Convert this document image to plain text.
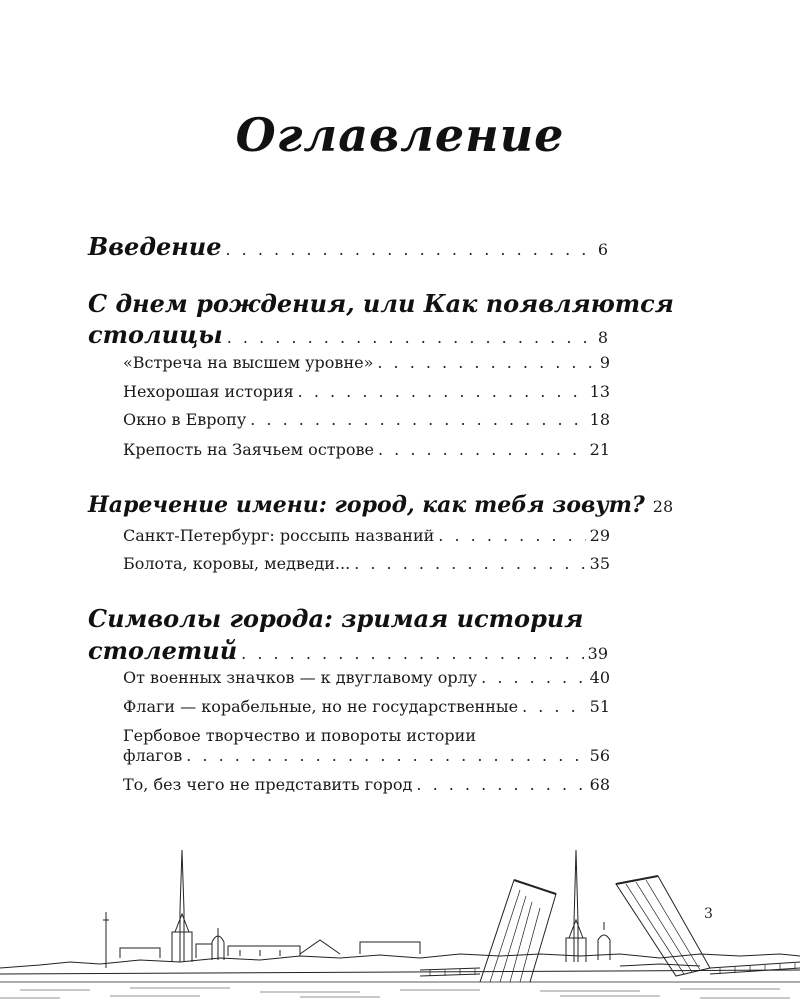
Оглавление
Введение . . .	6
С днем рождения, или Как появляются
столицы . . .	8
«Встреча на высшем уровне» . . .	9
Нехорошая история . . .	13
Окно в Европу . . .	18
Крепость на Заячьем острове . . .	21
Наречение имени: город, как тебя зовут? 28
Санкт-Петербург: россыпь названий . . .	29
Болота, коровы, медведи... . . .	35
Символы города: зримая история
столетий . . .	39
От военных значков — к двуглавому орлу . . .	40
Флаги — корабельные, но не государственные . . .	51
Гербовое творчество и повороты истории
флагов . . .	56
То, без чего не представить город . . .	68
3
